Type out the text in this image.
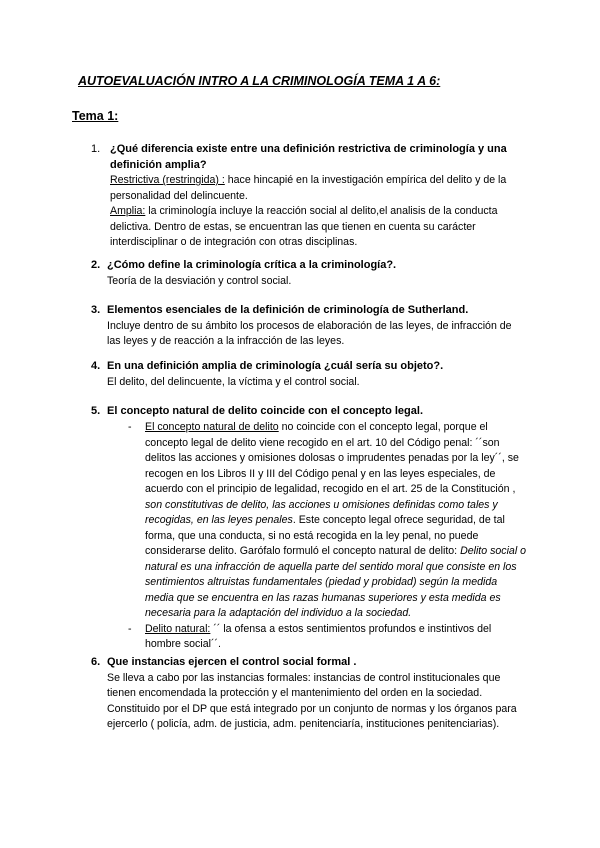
AUTOEVALUACIÓN INTRO A LA CRIMINOLOGÍA TEMA 1 A 6:
Tema 1:
1. ¿Qué diferencia existe entre una definición restrictiva de criminología y una definición amplia?
Restrictiva (restringida) : hace hincapié en la investigación empírica del delito y de la personalidad del delincuente.
Amplia: la criminología incluye la reacción social al delito,el analisis de la conducta delictiva. Dentro de estas, se encuentran las que tienen en cuenta su carácter interdisciplinar o de integración con otras disciplinas.
2. ¿Cómo define la criminología crítica a la criminología?.
Teoría de la desviación y control social.
3. Elementos esenciales de la definición de criminología de Sutherland.
Incluye dentro de su ámbito los procesos de elaboración de las leyes, de infracción de las leyes y de reacción a la infracción de las leyes.
4. En una definición amplia de criminología ¿cuál sería su objeto?.
El delito, del delincuente, la víctima y el control social.
5. El concepto natural de delito coincide con el concepto legal.
- El concepto natural de delito no coincide con el concepto legal, porque el concepto legal de delito viene recogido en el art. 10 del Código penal: ´´son delitos las acciones y omisiones dolosas o imprudentes penadas por la ley´´, se recogen en los Libros II y III del Código penal y en las leyes especiales, de acuerdo con el principio de legalidad, recogido en el art. 25 de la Constitución , son constitutivas de delito, las acciones u omisiones definidas como tales y recogidas, en las leyes penales. Este concepto legal ofrece seguridad, de tal forma, que una conducta, si no está recogida en la ley penal, no puede considerarse delito. Garófalo formuló el concepto natural de delito: Delito social o natural es una infracción de aquella parte del sentido moral que consiste en los sentimientos altruistas fundamentales (piedad y probidad) según la medida media que se encuentra en las razas humanas superiores y esta medida es necesaria para la adaptación del individuo a la sociedad.
- Delito natural: ´´ la ofensa a estos sentimientos profundos e instintivos del hombre social´´.
6. Que instancias ejercen el control social formal .
Se lleva a cabo por las instancias formales: instancias de control institucionales que tienen encomendada la protección y el mantenimiento del orden en la sociedad. Constituido por el DP que está integrado por un conjunto de normas y los órganos para ejercerlo ( policía, adm. de justicia, adm. penitenciaría, instituciones penitenciarias).
